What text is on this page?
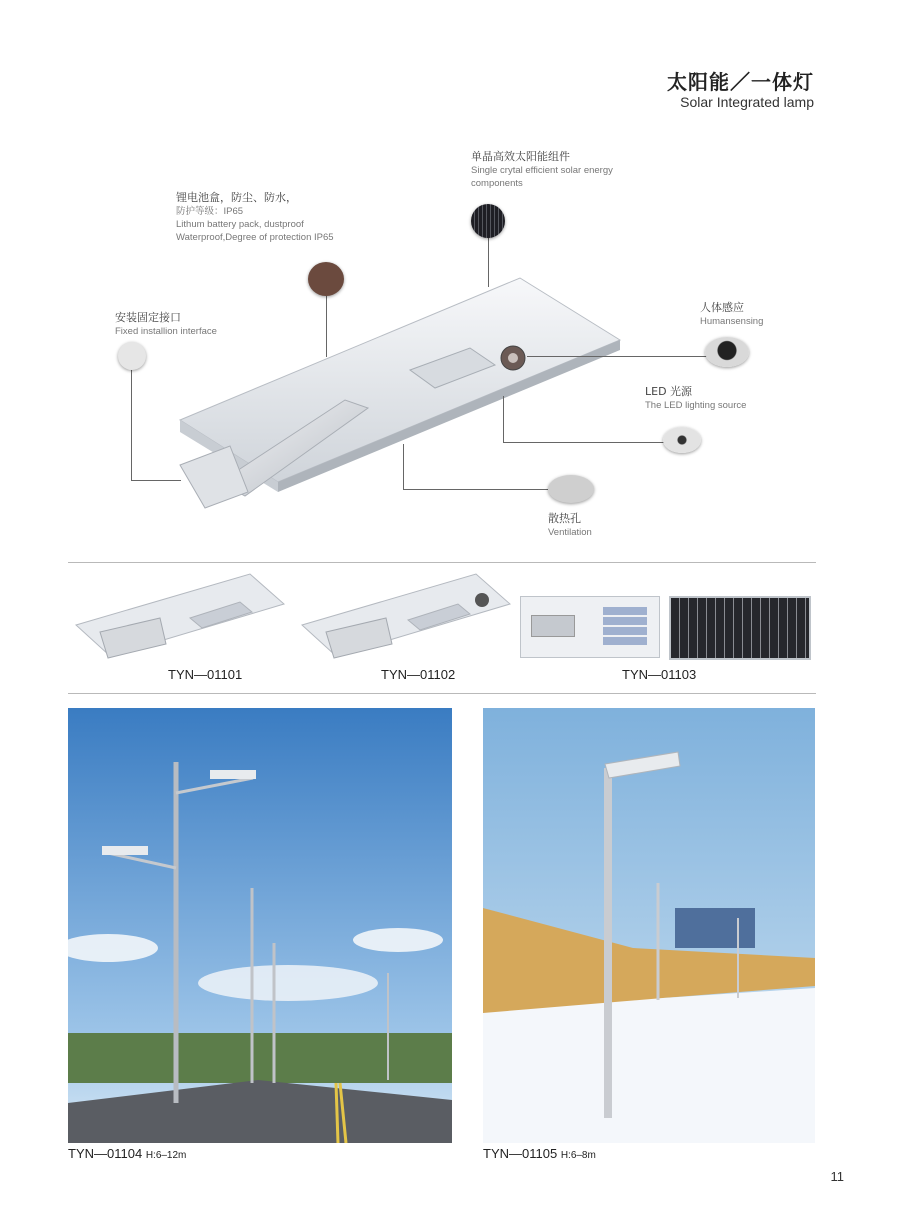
太阳能／一体灯
Solar Integrated lamp
单晶高效太阳能组件
Single crytal efficient solar energy
components
锂电池盒，防尘、防水，
防护等级：IP65
Lithum battery pack, dustproof
Waterproof,Degree of protection IP65
安装固定接口
Fixed installion interface
人体感应
Humansensing
LED 光源
The LED lighting source
散热孔
Ventilation
TYN—01101	TYN—01102	TYN—01103
TYN—01104 H:6–12m	TYN—01105 H:6–8m
11
